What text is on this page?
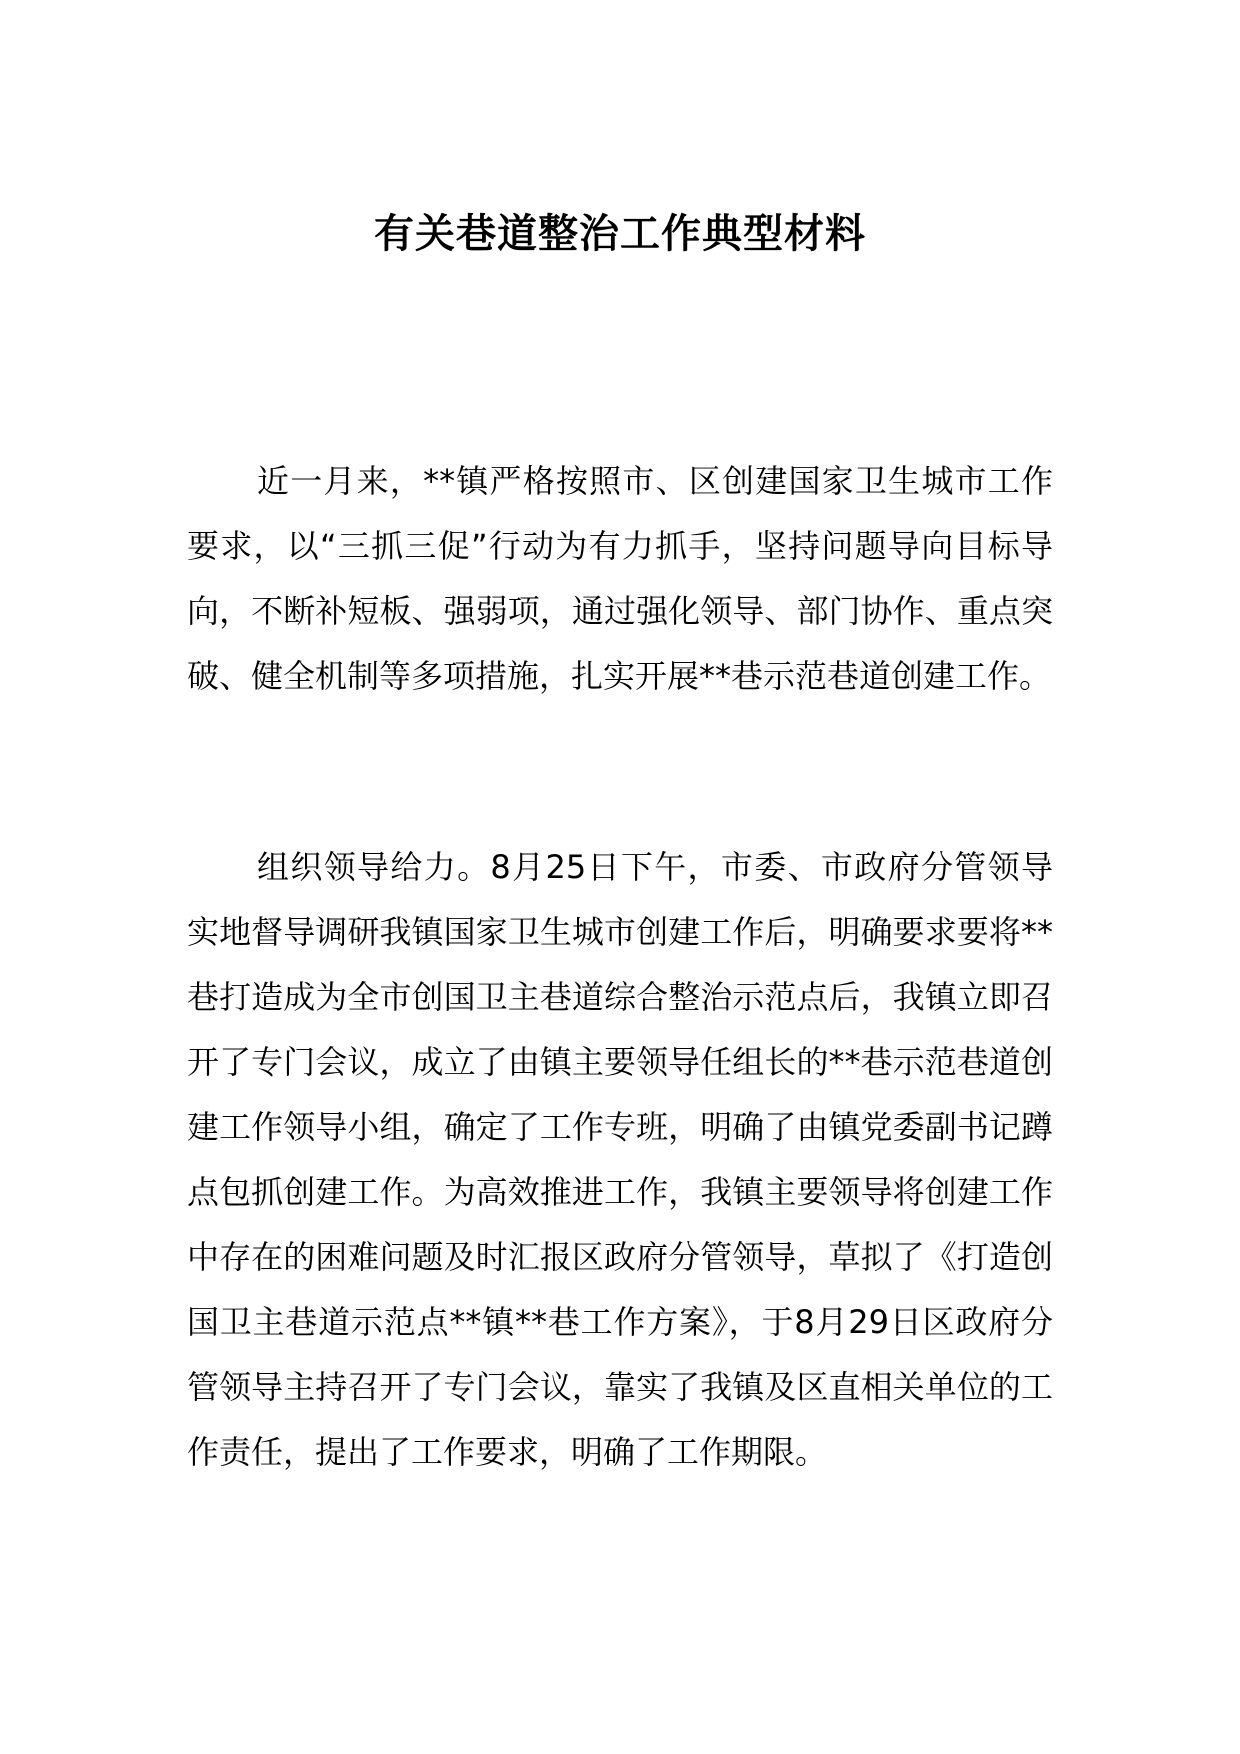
有关巷道整治工作典型材料

近一月来，**镇严格按照市、区创建国家卫生城市工作要求，以“三抓三促”行动为有力抓手，坚持问题导向目标导向，不断补短板、强弱项，通过强化领导、部门协作、重点突破、健全机制等多项措施，扎实开展**巷示范巷道创建工作。

组织领导给力。8月25日下午，市委、市政府分管领导实地督导调研我镇国家卫生城市创建工作后，明确要求要将**巷打造成为全市创国卫主巷道综合整治示范点后，我镇立即召开了专门会议，成立了由镇主要领导任组长的**巷示范巷道创建工作领导小组，确定了工作专班，明确了由镇党委副书记蹲点包抓创建工作。为高效推进工作，我镇主要领导将创建工作中存在的困难问题及时汇报区政府分管领导，草拟了《打造创国卫主巷道示范点**镇**巷工作方案》，于8月29日区政府分管领导主持召开了专门会议，靠实了我镇及区直相关单位的工作责任，提出了工作要求，明确了工作期限。
